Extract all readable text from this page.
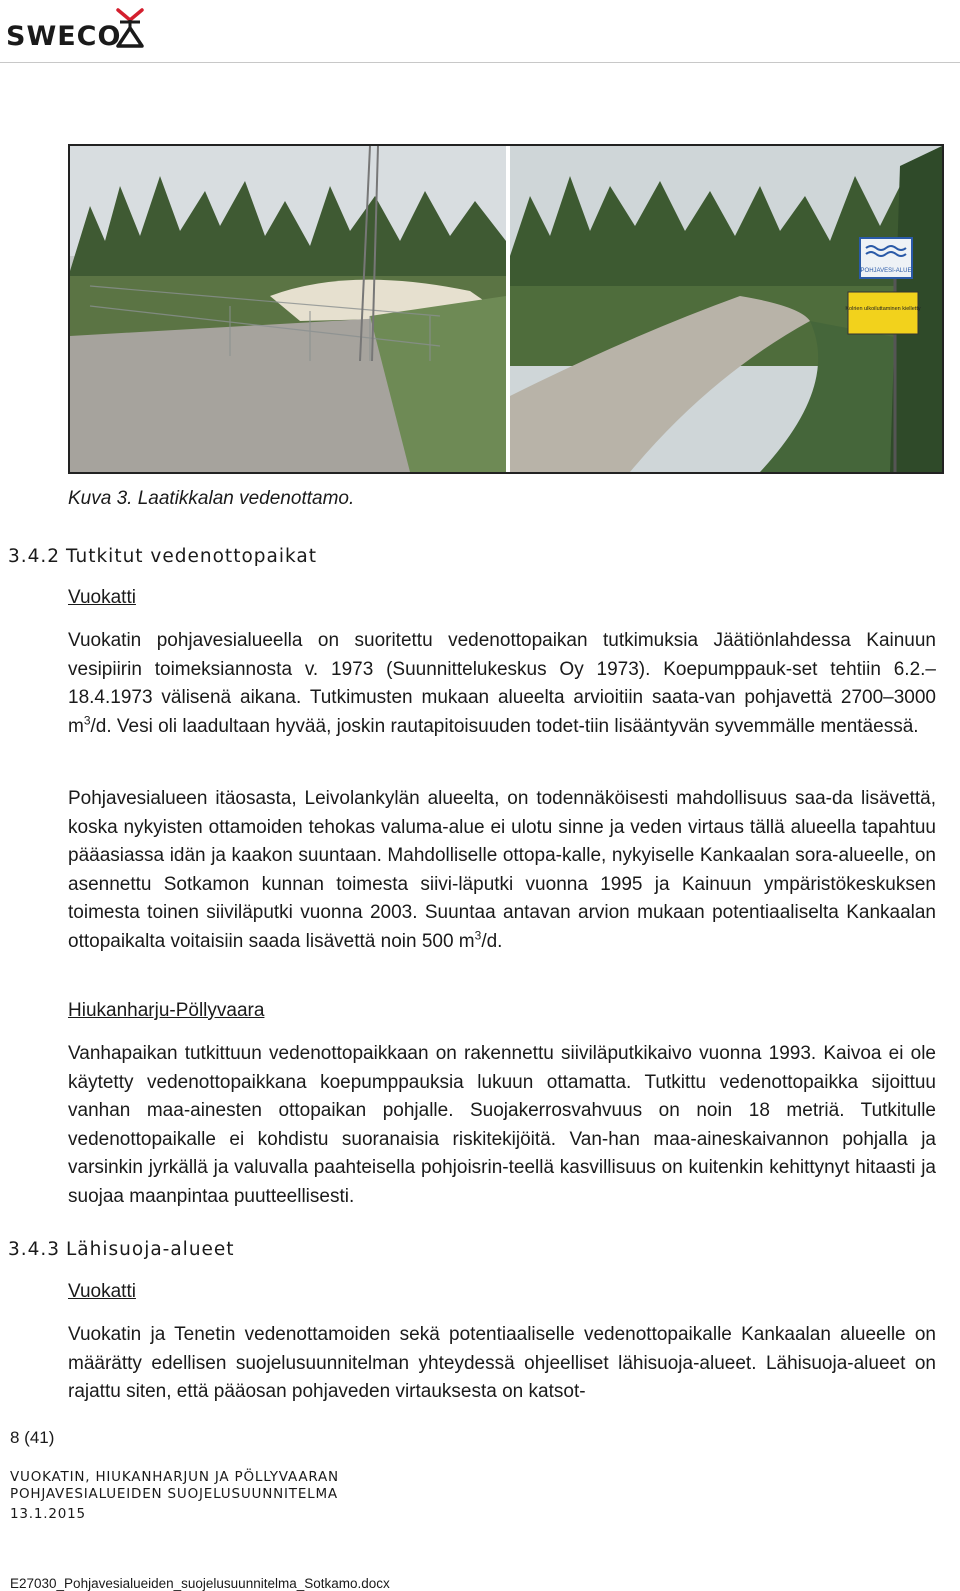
SWECO
POHJAVESI-ALUE
Kolrien ulkoiluttaminen kielletty
Kuva 3. Laatikkalan vedenottamo.
3.4.2 Tutkitut vedenottopaikat
Vuokatti
Vuokatin pohjavesialueella on suoritettu vedenottopaikan tutkimuksia Jäätiönlahdessa Kainuun vesipiirin toimeksiannosta v. 1973 (Suunnittelukeskus Oy 1973). Koepumppauk-set tehtiin 6.2.–18.4.1973 välisenä aikana. Tutkimusten mukaan alueelta arvioitiin saata-van pohjavettä 2700–3000 $m^3/d$. Vesi oli laadultaan hyvää, joskin rautapitoisuuden todet-tiin lisääntyvän syvemmälle mentäessä.
Pohjavesialueen itäosasta, Leivolankylän alueelta, on todennäköisesti mahdollisuus saa-da lisävettä, koska nykyisten ottamoiden tehokas valuma-alue ei ulotu sinne ja veden virtaus tällä alueella tapahtuu pääasiassa idän ja kaakon suuntaan. Mahdolliselle ottopa-kalle, nykyiselle Kankaalan sora-alueelle, on asennettu Sotkamon kunnan toimesta siivi-läputki vuonna 1995 ja Kainuun ympäristökeskuksen toimesta toinen siiviläputki vuonna 2003. Suuntaa antavan arvion mukaan potentiaaliselta Kankaalan ottopaikalta voitaisiin saada lisävettä noin 500 $m^3/d$.
Hiukanharju-Pöllyvaara
Vanhapaikan tutkittuun vedenottopaikkaan on rakennettu siiviläputkikaivo vuonna 1993. Kaivoa ei ole käytetty vedenottopaikkana koepumppauksia lukuun ottamatta. Tutkittu vedenottopaikka sijoittuu vanhan maa-ainesten ottopaikan pohjalle. Suojakerrosvahvuus on noin 18 metriä. Tutkitulle vedenottopaikalle ei kohdistu suoranaisia riskitekijöitä. Van-han maa-aineskaivannon pohjalla ja varsinkin jyrkällä ja valuvalla paahteisella pohjoisrin-teellä kasvillisuus on kuitenkin kehittynyt hitaasti ja suojaa maanpintaa puutteellisesti.
3.4.3 Lähisuoja-alueet
Vuokatti
Vuokatin ja Tenetin vedenottamoiden sekä potentiaaliselle vedenottopaikalle Kankaalan alueelle on määrätty edellisen suojelusuunnitelman yhteydessä ohjeelliset lähisuoja-alueet. Lähisuoja-alueet on rajattu siten, että pääosan pohjaveden virtauksesta on katsot-
8 (41)
VUOKATIN, HIUKANHARJUN JA PÖLLYVAARAN
POHJAVESIALUEIDEN SUOJELUSUUNNITELMA
13.1.2015
E27030_Pohjavesialueiden_suojelusuunnitelma_Sotkamo.docx
